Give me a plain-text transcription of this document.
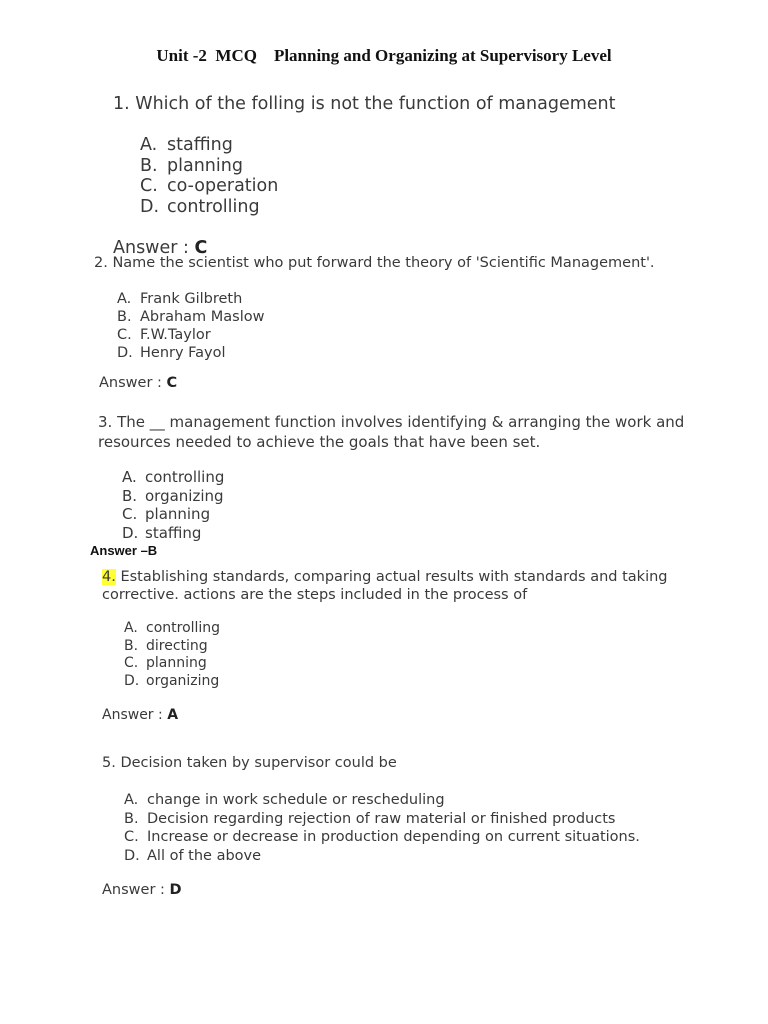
Unit -2  MCQ    Planning and Organizing at Supervisory Level

1. Which of the folling is not the function of management

A. staffing
B. planning
C. co-operation
D. controlling
Answer : C

2. Name the scientist who put forward the theory of 'Scientific Management'.

A. Frank Gilbreth
B. Abraham Maslow
C. F.W.Taylor
D. Henry Fayol
Answer : C

3. The __ management function involves identifying & arranging the work and resources needed to achieve the goals that have been set.

A. controlling
B. organizing
C. planning
D. staffing
Answer –B

4. Establishing standards, comparing actual results with standards and taking corrective. actions are the steps included in the process of

A. controlling
B. directing
C. planning
D. organizing
Answer : A

5. Decision taken by supervisor could be

A. change in work schedule or rescheduling
B. Decision regarding rejection of raw material or finished products
C. Increase or decrease in production depending on current situations.
D. All of the above
Answer : D
